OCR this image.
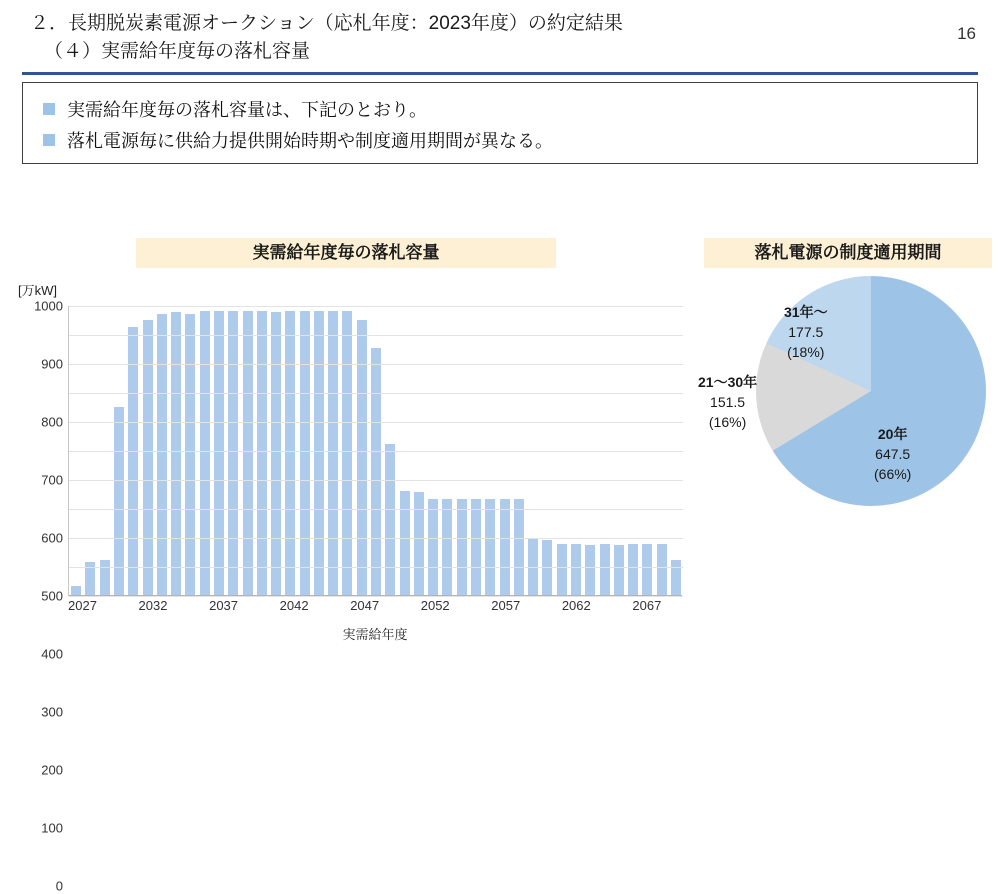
２．長期脱炭素電源オークション（応札年度：2023年度）の約定結果
（４）実需給年度毎の落札容量
16
実需給年度毎の落札容量は、下記のとおり。
落札電源毎に供給力提供開始時期や制度適用期間が異なる。
実需給年度毎の落札容量
[万kW]
0
100
200
300
400
500
600
700
800
900
1000
2027	2032	2037	2042	2047	2052	2057	2062	2067
実需給年度
落札電源の制度適用期間
20年
647.5
(66%)
21～30年
151.5
(16%)
31年～
177.5
(18%)
